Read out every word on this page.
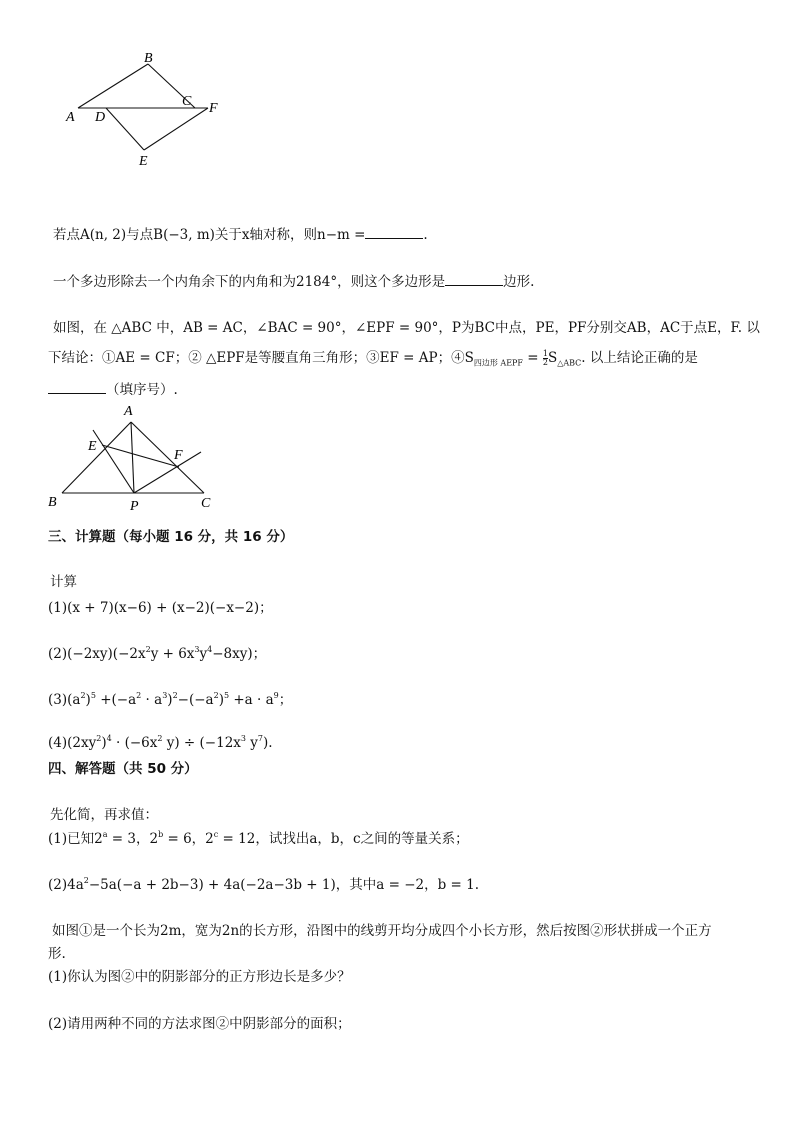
A
B
C
D
E
F
若点A(n, 2)与点B(−3, m)关于x轴对称，则n−m =	.
一个多边形除去一个内角余下的内角和为2184°，则这个多边形是	边形.
如图，在 △ABC 中，AB = AC，∠BAC = 90°，∠EPF = 90°，P为BC中点，PE，PF分别交AB，AC于点E，F. 以
下结论：①AE = CF；② △EPF是等腰直角三角形；③EF = AP；$④S_{四边形 AEPF} = \frac{1}{2} S_{\triangle ABC}$. 以上结论正确的是
（填序号）.
A
B	C
E
F
P
三、计算题（每小题 16 分，共 16 分）
计算
(1)(x + 7)(x−6) + (x−2)(−x−2)；
$(2)(-2xy)(-2x^2y + 6x^3y^4-8xy)$；
$(3)(a^2)^5 +(-a^2 \cdot a^3)^2-(-a^2)^5 +a \cdot a^9$；
$(4)(2xy^2)^4 \cdot (-6x^2$ $y) \div (-12x^3$ $y^7$).
四、解答题（共 50 分）
先化简，再求值：
(1)已知$2^a = 3$，$2^b = 6$，$2^c = 12$，试找出a，b，c之间的等量关系；
$(2)4a^2-5a(-a + 2b-3) + 4a(-2a-3b + 1)$，其中a = −2，b = 1.
如图①是一个长为2m，宽为2n的长方形，沿图中的线剪开均分成四个小长方形，然后按图②形状拼成一个正方
形.
(1)你认为图②中的阴影部分的正方形边长是多少？
(2)请用两种不同的方法求图②中阴影部分的面积；
